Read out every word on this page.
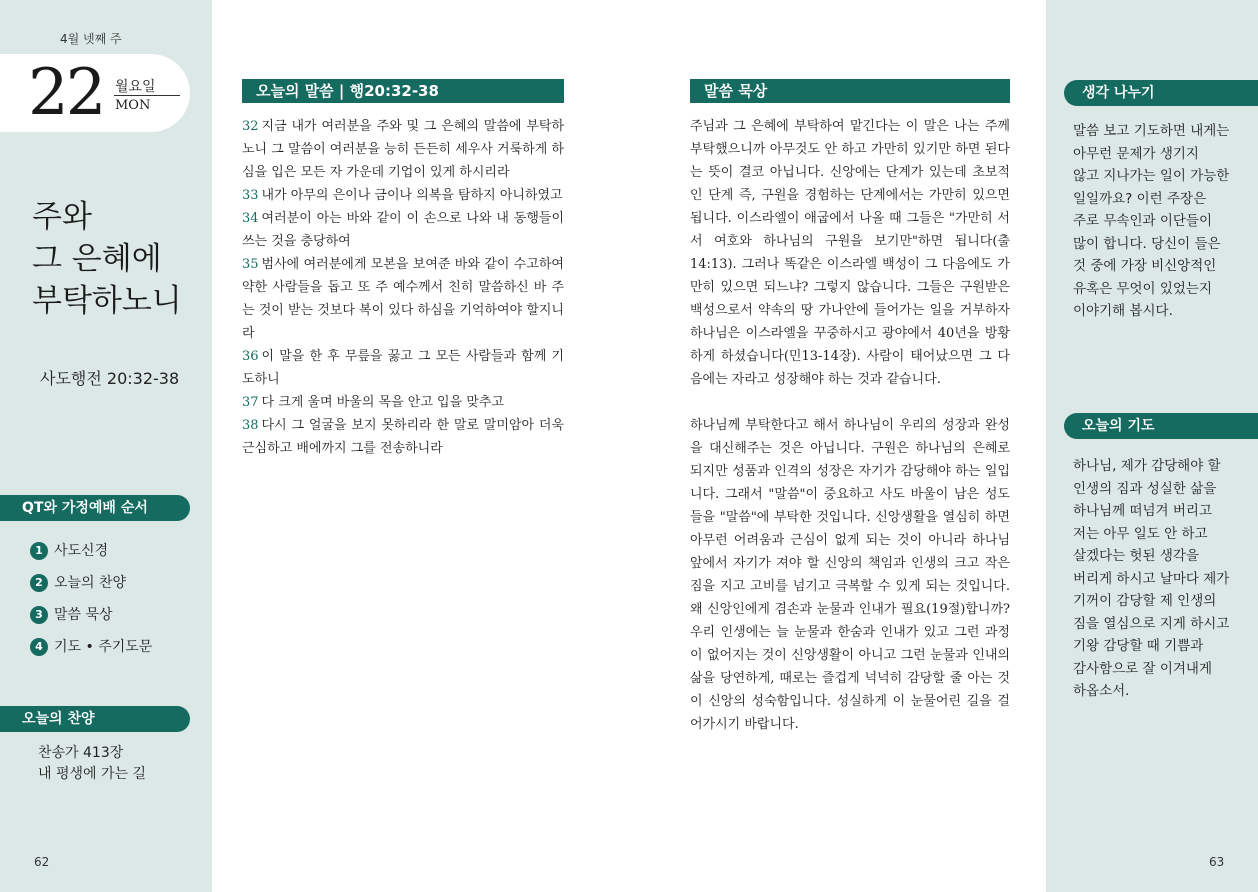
4월 넷째 주
22 월요일
MON
주와
그 은혜에
부탁하노니
사도행전 20:32-38
QT와 가정예배 순서
1 사도신경
2 오늘의 찬양
3 말씀 묵상
4 기도 • 주기도문
오늘의 찬양
찬송가 413장
내 평생에 가는 길
62
오늘의 말씀 | 행20:32-38

32 지금 내가 여러분을 주와 및 그 은혜의 말씀에 부탁하노니 그 말씀이 여러분을 능히 든든히 세우사 거룩하게 하심을 입은 모든 자 가운데 기업이 있게 하시리라

33 내가 아무의 은이나 금이나 의복을 탐하지 아니하였고

34 여러분이 아는 바와 같이 이 손으로 나와 내 동행들이 쓰는 것을 충당하여

35 범사에 여러분에게 모본을 보여준 바와 같이 수고하여 약한 사람들을 돕고 또 주 예수께서 친히 말씀하신 바 주는 것이 받는 것보다 복이 있다 하심을 기억하여야 할지니라

36 이 말을 한 후 무릎을 꿇고 그 모든 사람들과 함께 기도하니

37 다 크게 울며 바울의 목을 안고 입을 맞추고

38 다시 그 얼굴을 보지 못하리라 한 말로 말미암아 더욱 근심하고 배에까지 그를 전송하니라

말씀 묵상

주님과 그 은혜에 부탁하여 맡긴다는 이 말은 나는 주께 부탁했으니까 아무것도 안 하고 가만히 있기만 하면 된다는 뜻이 결코 아닙니다. 신앙에는 단계가 있는데 초보적인 단계 즉, 구원을 경험하는 단계에서는 가만히 있으면 됩니다. 이스라엘이 애굽에서 나올 때 그들은 "가만히 서서 여호와 하나님의 구원을 보기만"하면 됩니다(출14:13). 그러나 똑같은 이스라엘 백성이 그 다음에도 가만히 있으면 되느냐? 그렇지 않습니다. 그들은 구원받은 백성으로서 약속의 땅 가나안에 들어가는 일을 거부하자 하나님은 이스라엘을 꾸중하시고 광야에서 40년을 방황하게 하셨습니다(민13-14장). 사람이 태어났으면 그 다음에는 자라고 성장해야 하는 것과 같습니다.

하나님께 부탁한다고 해서 하나님이 우리의 성장과 완성을 대신해주는 것은 아닙니다. 구원은 하나님의 은혜로 되지만 성품과 인격의 성장은 자기가 감당해야 하는 일입니다. 그래서 "말씀"이 중요하고 사도 바울이 남은 성도들을 "말씀"에 부탁한 것입니다. 신앙생활을 열심히 하면 아무런 어려움과 근심이 없게 되는 것이 아니라 하나님 앞에서 자기가 져야 할 신앙의 책임과 인생의 크고 작은 짐을 지고 고비를 넘기고 극복할 수 있게 되는 것입니다. 왜 신앙인에게 겸손과 눈물과 인내가 필요(19절)합니까? 우리 인생에는 늘 눈물과 한숨과 인내가 있고 그런 과정이 없어지는 것이 신앙생활이 아니고 그런 눈물과 인내의 삶을 당연하게, 때로는 즐겁게 넉넉히 감당할 줄 아는 것이 신앙의 성숙함입니다. 성실하게 이 눈물어린 길을 걸어가시기 바랍니다.

생각 나누기
말씀 보고 기도하면 내게는
아무런 문제가 생기지
않고 지나가는 일이 가능한
일일까요? 이런 주장은
주로 무속인과 이단들이
많이 합니다. 당신이 들은
것 중에 가장 비신앙적인
유혹은 무엇이 있었는지
이야기해 봅시다.
오늘의 기도
하나님, 제가 감당해야 할
인생의 짐과 성실한 삶을
하나님께 떠넘겨 버리고
저는 아무 일도 안 하고
살겠다는 헛된 생각을
버리게 하시고 날마다 제가
기꺼이 감당할 제 인생의
짐을 열심으로 지게 하시고
기왕 감당할 때 기쁨과
감사함으로 잘 이겨내게
하옵소서.
63
